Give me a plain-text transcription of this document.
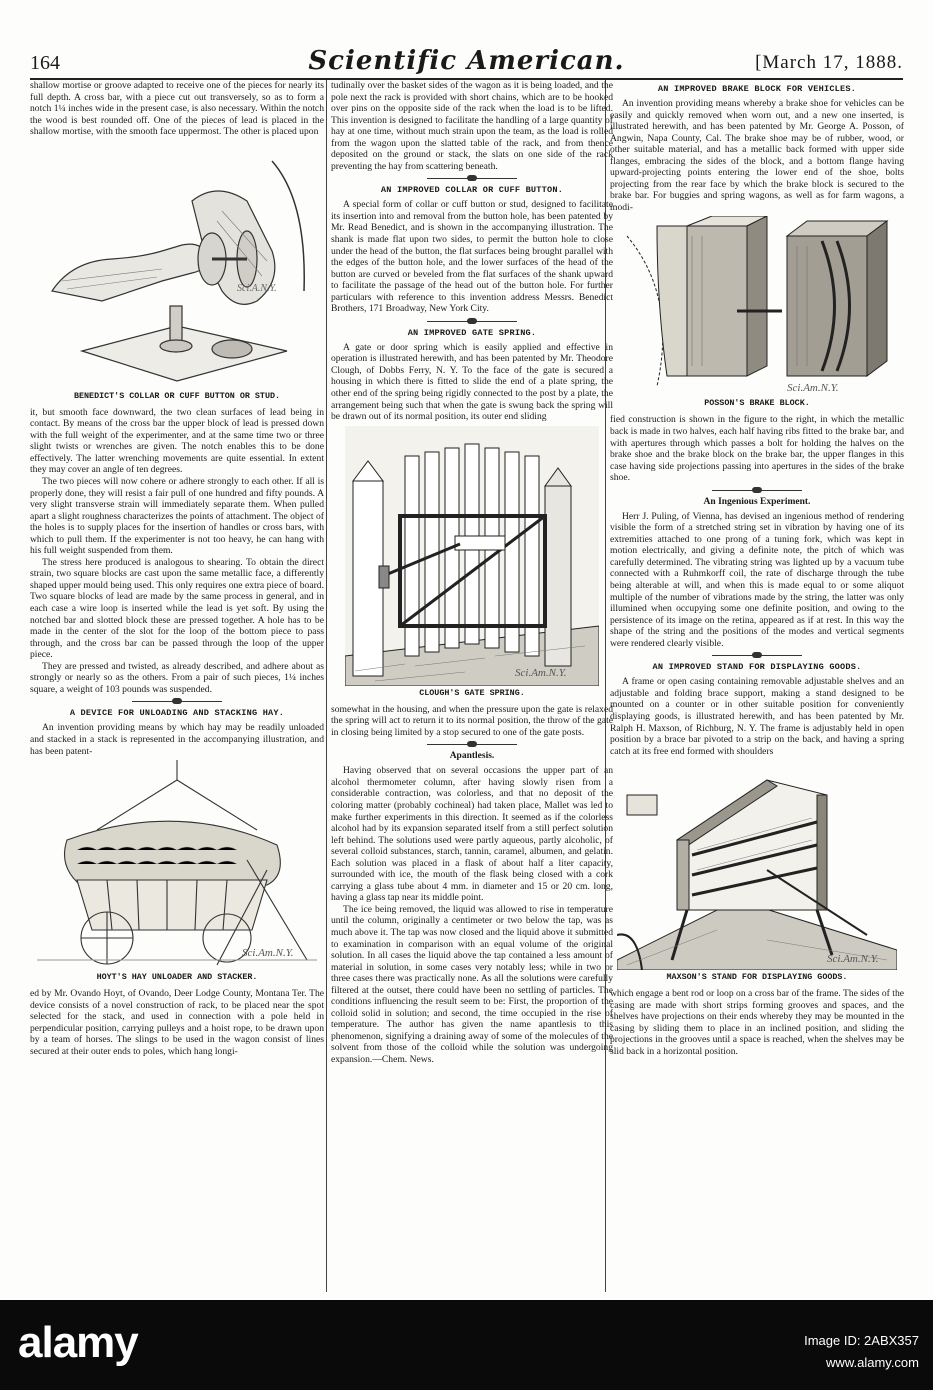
164	Scientific American.	[March 17, 1888.

shallow mortise or groove adapted to receive one of the pieces for nearly its full depth. A cross bar, with a piece cut out transversely, so as to form a notch 1¼ inches wide in the present case, is also necessary. Within the notch the wood is best rounded off. One of the pieces of lead is placed in the shallow mortise, with the smooth face uppermost. The other is placed upon

Sci.A.N.Y.
BENEDICT'S COLLAR OR CUFF BUTTON OR STUD.

it, but smooth face downward, the two clean surfaces of lead being in contact. By means of the cross bar the upper block of lead is pressed down with the full weight of the experimenter, and at the same time two or three slight twists or wrenches are given. The notch enables this to be done effectively. The latter wrenching movements are quite essential. In extent they may cover an angle of ten degrees.

The two pieces will now cohere or adhere strongly to each other. If all is properly done, they will resist a fair pull of one hundred and fifty pounds. A very slight transverse strain will immediately separate them. When pulled apart a slight roughness characterizes the points of attachment. The object of the holes is to supply places for the insertion of handles or cross bars, with which to pull them. If the experimenter is not too heavy, he can hang with his full weight suspended from them.

The stress here produced is analogous to shearing. To obtain the direct strain, two square blocks are cast upon the same metallic face, a differently shaped upper mould being used. This only requires one extra piece of board. Two square blocks of lead are made by the same process in general, and in each case a wire loop is inserted while the lead is yet soft. By using the notched bar and slotted block these are pressed together. A hole has to be made in the center of the slot for the loop of the bottom piece to pass through, and the cross bar can be passed through the loop of the upper piece.

They are pressed and twisted, as already described, and adhere about as strongly or nearly so as the others. From a pair of such pieces, 1¼ inches square, a weight of 103 pounds was suspended.

A DEVICE FOR UNLOADING AND STACKING HAY.

An invention providing means by which hay may be readily unloaded and stacked in a stack is represented in the accompanying illustration, and has been patent-

Sci.Am.N.Y.
HOYT'S HAY UNLOADER AND STACKER.

ed by Mr. Ovando Hoyt, of Ovando, Deer Lodge County, Montana Ter. The device consists of a novel construction of rack, to be placed near the spot selected for the stack, and used in connection with a pole held in perpendicular position, carrying pulleys and a hoist rope, to be drawn upon by a team of horses. The slings to be used in the wagon consist of lines secured at their outer ends to poles, which hang longi-

tudinally over the basket sides of the wagon as it is being loaded, and the pole next the rack is provided with short chains, which are to be hooked over pins on the opposite side of the rack when the load is to be lifted. This invention is designed to facilitate the handling of a large quantity of hay at one time, without much strain upon the team, as the load is rolled from the wagon upon the slatted table of the rack, and from thence deposited on the ground or stack, the slats on one side of the rack preventing the hay from scattering beneath.

AN IMPROVED COLLAR OR CUFF BUTTON.

A special form of collar or cuff button or stud, designed to facilitate its insertion into and removal from the button hole, has been patented by Mr. Read Benedict, and is shown in the accompanying illustration. The shank is made flat upon two sides, to permit the button hole to close under the head of the button, the flat surfaces being brought parallel with the edges of the button hole, and the lower surfaces of the head of the button are curved or beveled from the flat surfaces of the shank upward to facilitate the passage of the head out of the button hole. For further particulars with reference to this invention address Messrs. Benedict Brothers, 171 Broadway, New York City.

AN IMPROVED GATE SPRING.

A gate or door spring which is easily applied and effective in operation is illustrated herewith, and has been patented by Mr. Theodore Clough, of Dobbs Ferry, N. Y. To the face of the gate is secured a housing in which there is fitted to slide the end of a plate spring, the other end of the spring being rigidly connected to the post by a plate, the arrangement being such that when the gate is swung back the spring will be drawn out of its normal position, its outer end sliding

Sci.Am.N.Y.
CLOUGH'S GATE SPRING.

somewhat in the housing, and when the pressure upon the gate is relaxed the spring will act to return it to its normal position, the throw of the gate in closing being limited by a stop secured to one of the gate posts.

Apantlesis.

Having observed that on several occasions the upper part of an alcohol thermometer column, after having slowly risen from a considerable contraction, was colorless, and that no deposit of the coloring matter (probably cochineal) had taken place, Mallet was led to make further experiments in this direction. It seemed as if the colorless alcohol had by its expansion separated itself from a still perfect solution left behind. The solutions used were partly aqueous, partly alcoholic, of several colloid substances, starch, tannin, caramel, albumen, and gelatin. Each solution was placed in a flask of about half a liter capacity, surrounded with ice, the mouth of the flask being closed with a cork carrying a glass tube about 4 mm. in diameter and 15 or 20 cm. long, having a glass tap near its middle point.

The ice being removed, the liquid was allowed to rise in temperature until the column, originally a centimeter or two below the tap, was as much above it. The tap was now closed and the liquid above it submitted to examination in comparison with an equal volume of the original solution. In all cases the liquid above the tap contained a less amount of material in solution, in some cases very notably less; while in two or three cases there was practically none. As all the solutions were carefully filtered at the outset, there could have been no settling of particles. The conditions influencing the result seem to be: First, the proportion of the colloid solid in solution; and second, the time occupied in the rise of temperature. The author has given the name apantlesis to this phenomenon, signifying a draining away of some of the molecules of the solvent from those of the colloid while the solution was undergoing expansion.—Chem. News.

AN IMPROVED BRAKE BLOCK FOR VEHICLES.

An invention providing means whereby a brake shoe for vehicles can be easily and quickly removed when worn out, and a new one inserted, is illustrated herewith, and has been patented by Mr. George A. Posson, of Angwin, Napa County, Cal. The brake shoe may be of rubber, wood, or other suitable material, and has a metallic back formed with upper side flanges, embracing the sides of the block, and a bottom flange having upward-projecting points entering the lower end of the shoe, bolts projecting from the rear face by which the brake block is secured to the brake bar. For buggies and spring wagons, as well as for farm wagons, a modi-

Sci.Am.N.Y.
POSSON'S BRAKE BLOCK.

fied construction is shown in the figure to the right, in which the metallic back is made in two halves, each half having ribs fitted to the brake bar, and with apertures through which passes a bolt for holding the halves on the brake shoe and the brake block on the brake bar, the upper flanges in this case having side projections passing into apertures in the sides of the brake shoe.

An Ingenious Experiment.

Herr J. Puling, of Vienna, has devised an ingenious method of rendering visible the form of a stretched string set in vibration by having one of its extremities attached to one prong of a tuning fork, which was kept in motion electrically, and giving a definite note, the pitch of which was carefully determined. The vibrating string was lighted up by a vacuum tube connected with a Ruhmkorff coil, the rate of discharge through the tube being alterable at will, and when this is made equal to or some aliquot multiple of the number of vibrations made by the string, the latter was only illumined when occupying some one definite position, and owing to the persistence of its image on the retina, appeared as if at rest. In this way the shape of the string and the positions of the modes and vertical segments were rendered clearly visible.

AN IMPROVED STAND FOR DISPLAYING GOODS.

A frame or open casing containing removable adjustable shelves and an adjustable and folding brace support, making a stand designed to be mounted on a counter or in other suitable position for conveniently displaying goods, is illustrated herewith, and has been patented by Mr. Ralph H. Maxson, of Richburg, N. Y. The frame is adjustably held in open position by a brace bar pivoted to a strip on the back, and having a spring catch at its free end formed with shoulders

Sci.Am.N.Y.
MAXSON'S STAND FOR DISPLAYING GOODS.

which engage a bent rod or loop on a cross bar of the frame. The sides of the casing are made with short strips forming grooves and spaces, and the shelves have projections on their ends whereby they may be mounted in the casing by sliding them to place in an inclined position, and sliding the projections in the grooves until a space is reached, when the shelves may be slid back in a horizontal position.

alamy	Image ID: 2ABX357
www.alamy.com
